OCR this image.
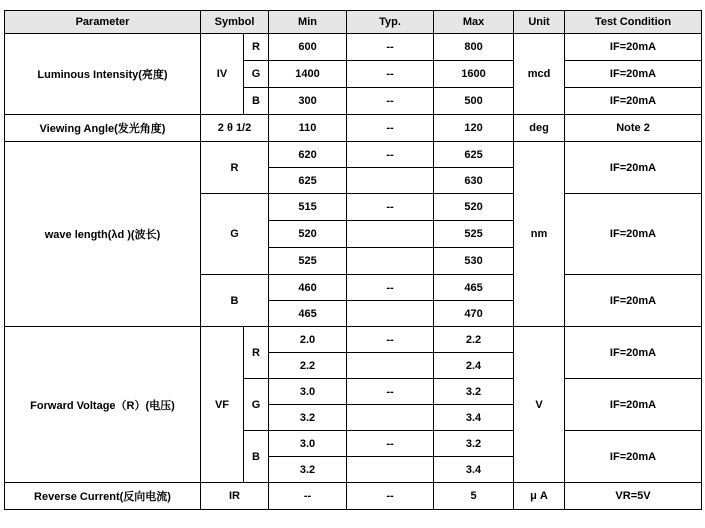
Parameter	Symbol		Min	Typ.	Max	Unit	Test Condition
Luminous Intensity(亮度)	IV	R	600	--	800	mcd	IF=20mA
		G	1400	--	1600		IF=20mA
		B	300	--	500		IF=20mA
Viewing Angle(发光角度)	2 θ 1/2		110	--	120	deg	Note 2
wave length(λd )(波长)	R		620	--	625	nm	IF=20mA
			625		630		
	G		515	--	520		IF=20mA
			520		525		
			525		530		
	B		460	--	465		IF=20mA
			465		470		
Forward Voltage（R）(电压)	VF	R	2.0	--	2.2	V	IF=20mA
			2.2		2.4		
		G	3.0	--	3.2		IF=20mA
			3.2		3.4		
		B	3.0	--	3.2		IF=20mA
			3.2		3.4		
Reverse Current(反向电流)	IR		--	--	5	μ A	VR=5V
